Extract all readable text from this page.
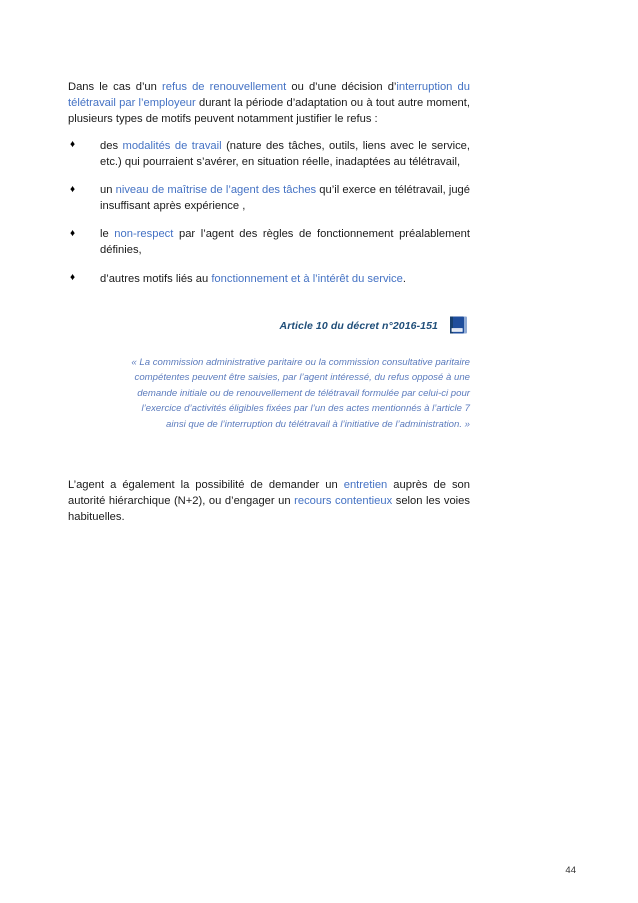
Dans le cas d’un refus de renouvellement ou d’une décision d’interruption du télétravail par l’employeur durant la période d’adaptation ou à tout autre moment, plusieurs types de motifs peuvent notamment justifier le refus :

♦ des modalités de travail (nature des tâches, outils, liens avec le service, etc.) qui pourraient s’avérer, en situation réelle, inadaptées au télétravail,
♦ un niveau de maîtrise de l’agent des tâches qu’il exerce en télétravail, jugé insuffisant après expérience ,
♦ le non-respect par l’agent des règles de fonctionnement préalablement définies,
♦ d’autres motifs liés au fonctionnement et à l’intérêt du service.
Article 10 du décret n°2016-151

« La commission administrative paritaire ou la commission consultative paritaire compétentes peuvent être saisies, par l’agent intéressé, du refus opposé à une demande initiale ou de renouvellement de télétravail formulée par celui-ci pour l’exercice d’activités éligibles fixées par l’un des actes mentionnés à l’article 7 ainsi que de l’interruption du télétravail à l’initiative de l’administration. »

L’agent a également la possibilité de demander un entretien auprès de son autorité hiérarchique (N+2), ou d’engager un recours contentieux selon les voies habituelles.

44
